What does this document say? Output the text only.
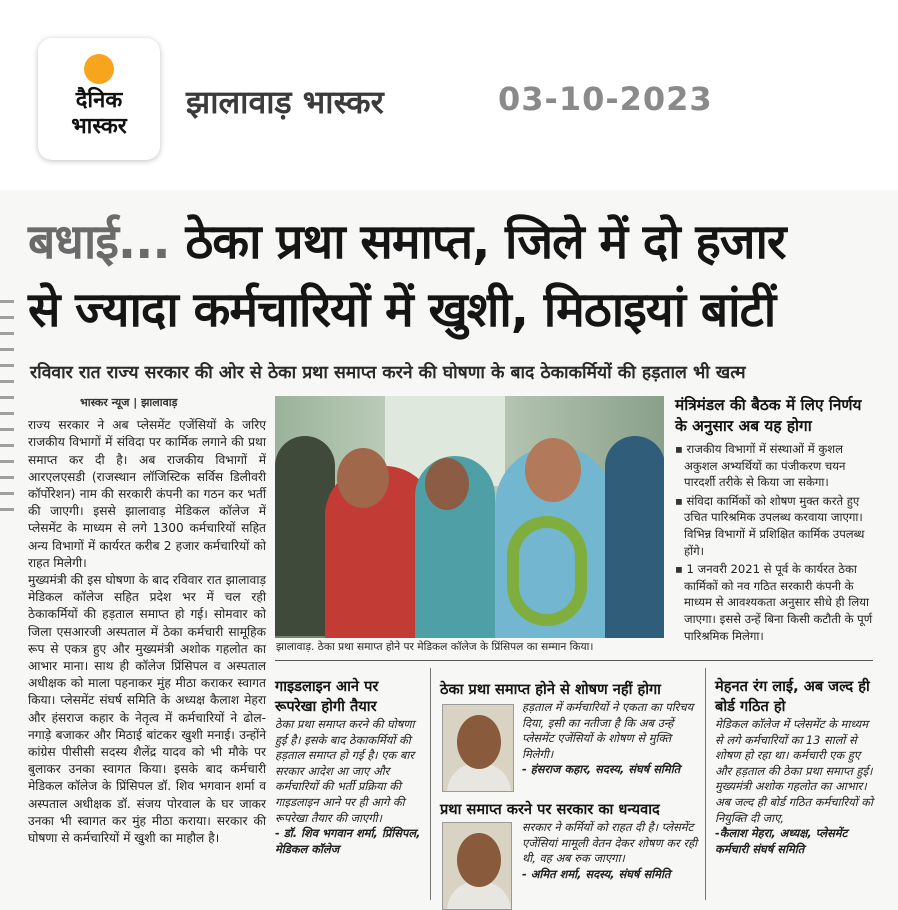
दैनिक
भास्कर
झालावाड़ भास्कर	03-10-2023
बधाई... ठेका प्रथा समाप्त, जिले में दो हजार
से ज्यादा कर्मचारियों में खुशी, मिठाइयां बांटीं
रविवार रात राज्य सरकार की ओर से ठेका प्रथा समाप्त करने की घोषणा के बाद ठेकाकर्मियों की हड़ताल भी खत्म
भास्कर न्यूज | झालावाड़

राज्य सरकार ने अब प्लेसमेंट एजेंसियों के जरिए राजकीय विभागों में संविदा पर कार्मिक लगाने की प्रथा समाप्त कर दी है। अब राजकीय विभागों में आरएलएसडी (राजस्थान लॉजिस्टिक सर्विस डिलीवरी कॉर्पोरेशन) नाम की सरकारी कंपनी का गठन कर भर्ती की जाएगी। इससे झालावाड़ मेडिकल कॉलेज में प्लेसमेंट के माध्यम से लगे 1300 कर्मचारियों सहित अन्य विभागों में कार्यरत करीब 2 हजार कर्मचारियों को राहत मिलेगी।

मुख्यमंत्री की इस घोषणा के बाद रविवार रात झालावाड़ मेडिकल कॉलेज सहित प्रदेश भर में चल रही ठेकाकर्मियों की हड़ताल समाप्त हो गई। सोमवार को जिला एसआरजी अस्पताल में ठेका कर्मचारी सामूहिक रूप से एकत्र हुए और मुख्यमंत्री अशोक गहलोत का आभार माना। साथ ही कॉलेज प्रिंसिपल व अस्पताल अधीक्षक को माला पहनाकर मुंह मीठा कराकर स्वागत किया। प्लेसमेंट संघर्ष समिति के अध्यक्ष कैलाश मेहरा और हंसराज कहार के नेतृत्व में कर्मचारियों ने ढोल-नगाड़े बजाकर और मिठाई बांटकर खुशी मनाई। उन्होंने कांग्रेस पीसीसी सदस्य शैलेंद्र यादव को भी मौके पर बुलाकर उनका स्वागत किया। इसके बाद कर्मचारी मेडिकल कॉलेज के प्रिंसिपल डॉ. शिव भगवान शर्मा व अस्पताल अधीक्षक डॉ. संजय पोरवाल के घर जाकर उनका भी स्वागत कर मुंह मीठा कराया। सरकार की घोषणा से कर्मचारियों में खुशी का माहौल है।

झालावाड़. ठेका प्रथा समाप्त होने पर मेडिकल कॉलेज के प्रिंसिपल का सम्मान किया।
मंत्रिमंडल की बैठक में लिए निर्णय के अनुसार अब यह होगा
▪ राजकीय विभागों में संस्थाओं में कुशल अकुशल अभ्यर्थियों का पंजीकरण चयन पारदर्शी तरीके से किया जा सकेगा।
▪ संविदा कार्मिकों को शोषण मुक्त करते हुए उचित पारिश्रमिक उपलब्ध करवाया जाएगा। विभिन्न विभागों में प्रशिक्षित कार्मिक उपलब्ध होंगे।
▪ 1 जनवरी 2021 से पूर्व के कार्यरत ठेका कार्मिकों को नव गठित सरकारी कंपनी के माध्यम से आवश्यकता अनुसार सीधे ही लिया जाएगा। इससे उन्हें बिना किसी कटौती के पूर्ण पारिश्रमिक मिलेगा।
गाइडलाइन आने पर रूपरेखा होगी तैयार
ठेका प्रथा समाप्त करने की घोषणा हुई है। इसके बाद ठेकाकर्मियों की हड़ताल समाप्त हो गई है। एक बार सरकार आदेश आ जाए और कर्मचारियों की भर्ती प्रक्रिया की गाइडलाइन आने पर ही आगे की रूपरेखा तैयार की जाएगी।
- डॉ. शिव भगवान शर्मा, प्रिंसिपल, मेडिकल कॉलेज
ठेका प्रथा समाप्त होने से शोषण नहीं होगा
हड़ताल में कर्मचारियों ने एकता का परिचय दिया, इसी का नतीजा है कि अब उन्हें प्लेसमेंट एजेंसियों के शोषण से मुक्ति मिलेगी।
- हंसराज कहार, सदस्य, संघर्ष समिति
मेहनत रंग लाई, अब जल्द ही बोर्ड गठित हो
मेडिकल कॉलेज में प्लेसमेंट के माध्यम से लगे कर्मचारियों का 13 सालों से शोषण हो रहा था। कर्मचारी एक हुए और हड़ताल की ठेका प्रथा समाप्त हुई। मुख्यमंत्री अशोक गहलोत का आभार। अब जल्द ही बोर्ड गठित कर्मचारियों को नियुक्ति दी जाए,
-कैलाश मेहरा, अध्यक्ष, प्लेसमेंट कर्मचारी संघर्ष समिति
प्रथा समाप्त करने पर सरकार का धन्यवाद
सरकार ने कर्मियों को राहत दी है। प्लेसमेंट एजेंसियां मामूली वेतन देकर शोषण कर रही थी, वह अब रुक जाएगा।
- अमित शर्मा, सदस्य, संघर्ष समिति
